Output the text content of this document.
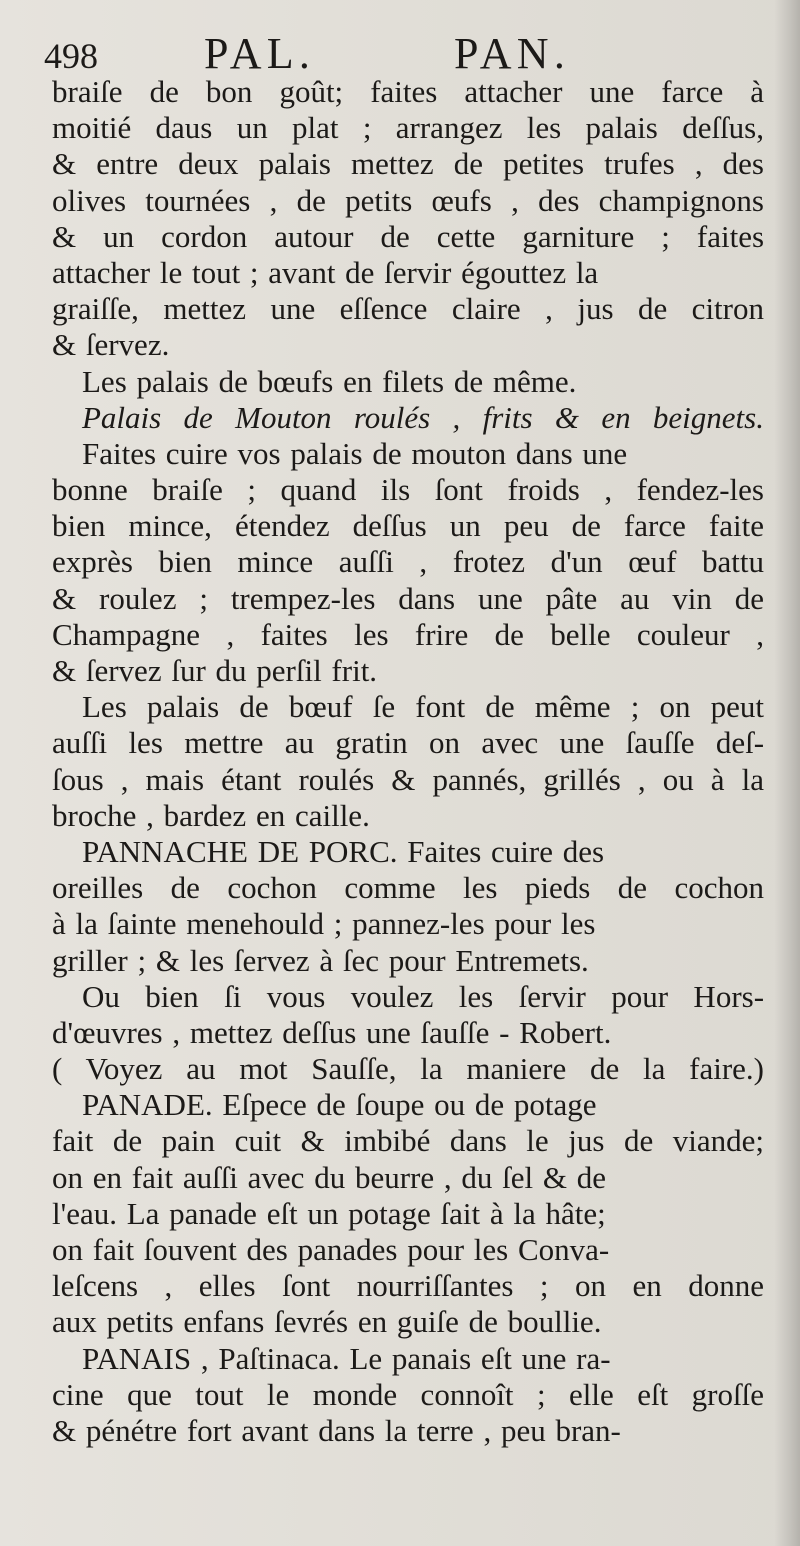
498	PAL.	PAN.
braiſe de bon goût; faites attacher une farce à
moitié daus un plat ; arrangez les palais deſſus,
& entre deux palais mettez de petites trufes , des
olives tournées , de petits œufs , des champignons
& un cordon autour de cette garniture ; faites
attacher le tout ; avant de ſervir égouttez la
graiſſe, mettez une eſſence claire , jus de citron
& ſervez.
Les palais de bœufs en filets de même.
Palais de Mouton roulés , frits & en beignets.
Faites cuire vos palais de mouton dans une
bonne braiſe ; quand ils ſont froids , fendez-les
bien mince, étendez deſſus un peu de farce faite
exprès bien mince auſſi , frotez d'un œuf battu
& roulez ; trempez-les dans une pâte au vin de
Champagne , faites les frire de belle couleur ,
& ſervez ſur du perſil frit.
Les palais de bœuf ſe font de même ; on peut
auſſi les mettre au gratin on avec une ſauſſe deſ-
ſous , mais étant roulés & pannés, grillés , ou à la
broche , bardez en caille.
PANNACHE DE PORC. Faites cuire des
oreilles de cochon comme les pieds de cochon
à la ſainte menehould ; pannez-les pour les
griller ; & les ſervez à ſec pour Entremets.
Ou bien ſi vous voulez les ſervir pour Hors-
d'œuvres , mettez deſſus une ſauſſe - Robert.
( Voyez au mot Sauſſe, la maniere de la faire.)
PANADE. Eſpece de ſoupe ou de potage
fait de pain cuit & imbibé dans le jus de viande;
on en fait auſſi avec du beurre , du ſel & de
l'eau. La panade eſt un potage ſait à la hâte;
on fait ſouvent des panades pour les Conva-
leſcens , elles ſont nourriſſantes ; on en donne
aux petits enfans ſevrés en guiſe de boullie.
PANAIS , Paſtinaca. Le panais eſt une ra-
cine que tout le monde connoît ; elle eſt groſſe
& pénétre fort avant dans la terre , peu bran-
